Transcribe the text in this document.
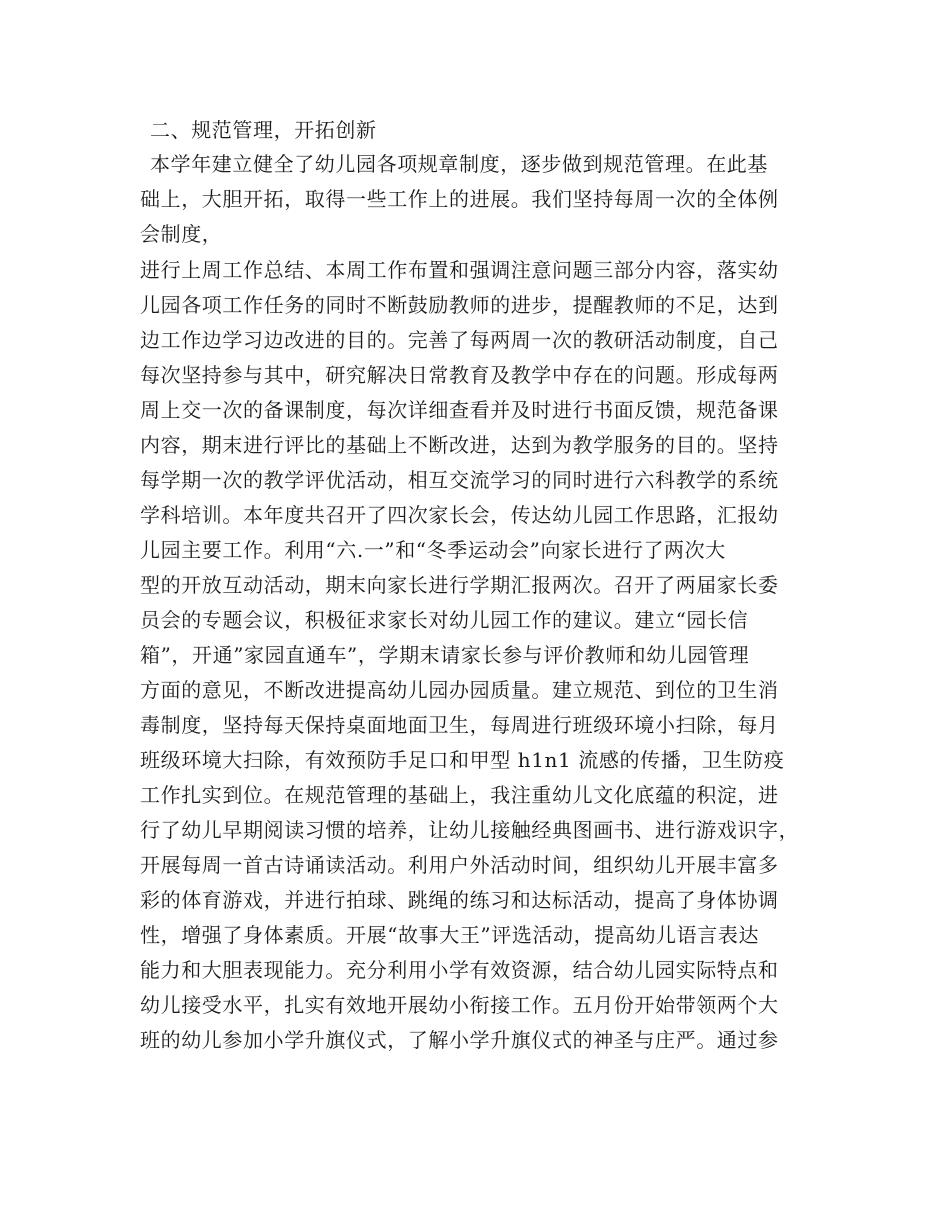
二、规范管理，开拓创新
本学年建立健全了幼儿园各项规章制度，逐步做到规范管理。在此基
础上，大胆开拓，取得一些工作上的进展。我们坚持每周一次的全体例
会制度，
进行上周工作总结、本周工作布置和强调注意问题三部分内容，落实幼
儿园各项工作任务的同时不断鼓励教师的进步，提醒教师的不足，达到
边工作边学习边改进的目的。完善了每两周一次的教研活动制度，自己
每次坚持参与其中，研究解决日常教育及教学中存在的问题。形成每两
周上交一次的备课制度，每次详细查看并及时进行书面反馈，规范备课
内容，期末进行评比的基础上不断改进，达到为教学服务的目的。坚持
每学期一次的教学评优活动，相互交流学习的同时进行六科教学的系统
学科培训。本年度共召开了四次家长会，传达幼儿园工作思路，汇报幼
儿园主要工作。利用“六.一”和“冬季运动会”向家长进行了两次大
型的开放互动活动，期末向家长进行学期汇报两次。召开了两届家长委
员会的专题会议，积极征求家长对幼儿园工作的建议。建立“园长信
箱”，开通”家园直通车”，学期末请家长参与评价教师和幼儿园管理
方面的意见，不断改进提高幼儿园办园质量。建立规范、到位的卫生消
毒制度，坚持每天保持桌面地面卫生，每周进行班级环境小扫除，每月
班级环境大扫除，有效预防手足口和甲型 h1n1 流感的传播，卫生防疫
工作扎实到位。在规范管理的基础上，我注重幼儿文化底蕴的积淀，进
行了幼儿早期阅读习惯的培养，让幼儿接触经典图画书、进行游戏识字，
开展每周一首古诗诵读活动。利用户外活动时间，组织幼儿开展丰富多
彩的体育游戏，并进行拍球、跳绳的练习和达标活动，提高了身体协调
性，增强了身体素质。开展“故事大王”评选活动，提高幼儿语言表达
能力和大胆表现能力。充分利用小学有效资源，结合幼儿园实际特点和
幼儿接受水平，扎实有效地开展幼小衔接工作。五月份开始带领两个大
班的幼儿参加小学升旗仪式，了解小学升旗仪式的神圣与庄严。通过参
